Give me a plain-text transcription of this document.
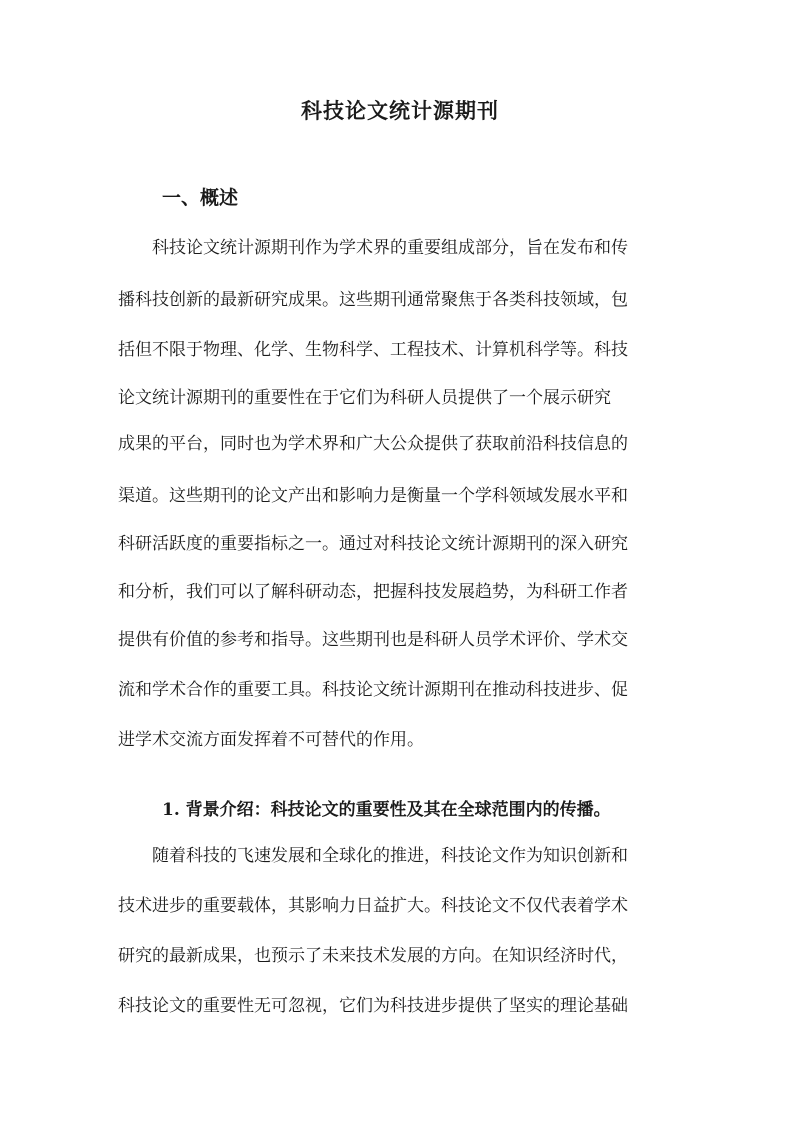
科技论文统计源期刊
一、概述

科技论文统计源期刊作为学术界的重要组成部分，旨在发布和传

播科技创新的最新研究成果。这些期刊通常聚焦于各类科技领域，包

括但不限于物理、化学、生物科学、工程技术、计算机科学等。科技

论文统计源期刊的重要性在于它们为科研人员提供了一个展示研究

成果的平台，同时也为学术界和广大公众提供了获取前沿科技信息的

渠道。这些期刊的论文产出和影响力是衡量一个学科领域发展水平和

科研活跃度的重要指标之一。通过对科技论文统计源期刊的深入研究

和分析，我们可以了解科研动态，把握科技发展趋势，为科研工作者

提供有价值的参考和指导。这些期刊也是科研人员学术评价、学术交

流和学术合作的重要工具。科技论文统计源期刊在推动科技进步、促

进学术交流方面发挥着不可替代的作用。

1. 背景介绍：科技论文的重要性及其在全球范围内的传播。

随着科技的飞速发展和全球化的推进，科技论文作为知识创新和

技术进步的重要载体，其影响力日益扩大。科技论文不仅代表着学术

研究的最新成果，也预示了未来技术发展的方向。在知识经济时代，

科技论文的重要性无可忽视，它们为科技进步提供了坚实的理论基础
